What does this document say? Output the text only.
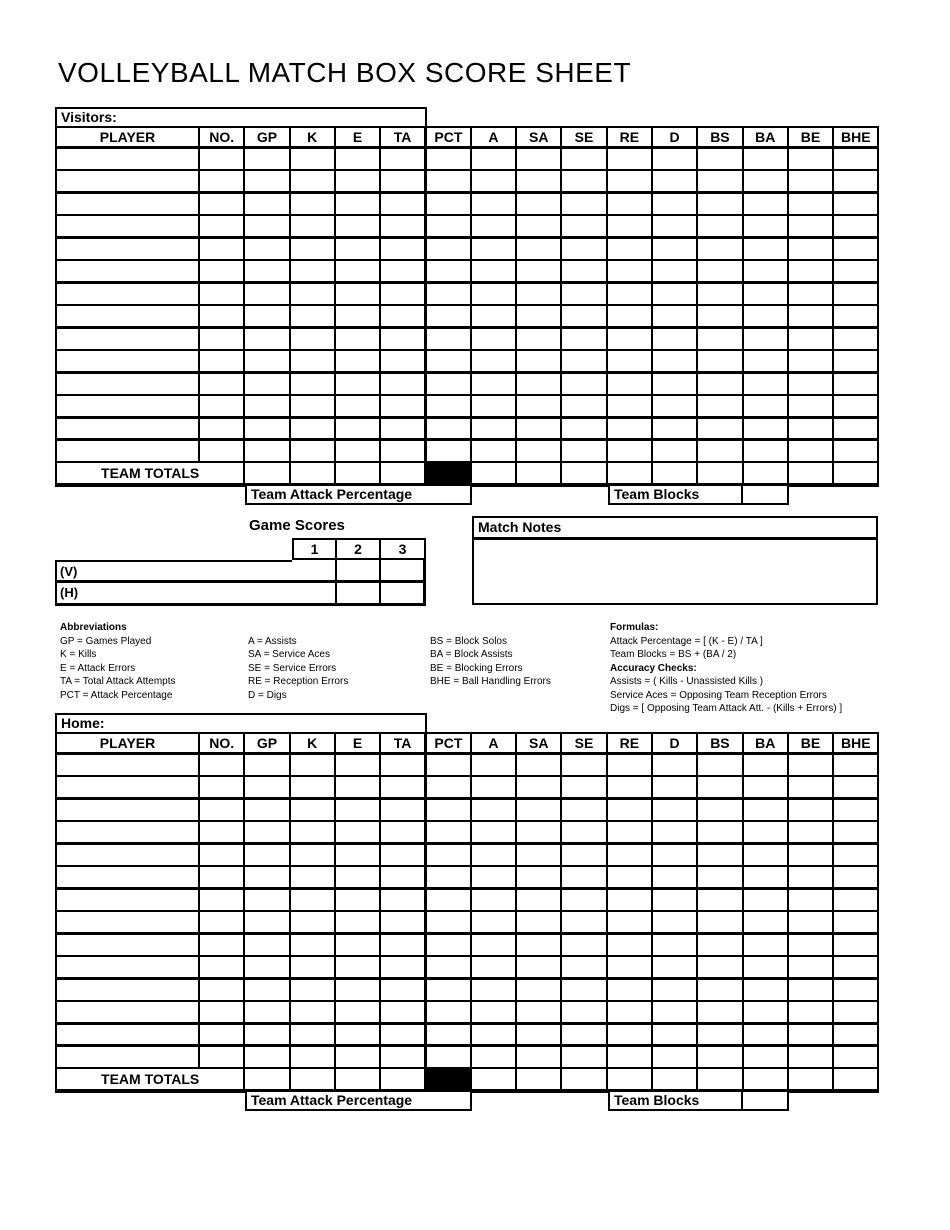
VOLLEYBALL MATCH BOX SCORE SHEET
Visitors:
PLAYER	NO.	GP	K	E	TA	PCT	A	SA	SE	RE	D	BS	BA	BE	BHE

TEAM TOTALS															
Team Attack Percentage	Team Blocks
Game Scores
1	2	3
(V)
(H)
Match Notes
Abbreviations
GP = Games Played
K = Kills
E = Attack Errors
TA = Total Attack Attempts
PCT = Attack Percentage
A = Assists
SA = Service Aces
SE = Service Errors
RE = Reception Errors
D = Digs
BS = Block Solos
BA = Block Assists
BE = Blocking Errors
BHE = Ball Handling Errors
Formulas:
Attack Percentage = [ (K - E) / TA ]
Team Blocks = BS + (BA / 2)
Accuracy Checks:
Assists = ( Kills - Unassisted Kills )
Service Aces = Opposing Team Reception Errors
Digs = [ Opposing Team Attack Att. - (Kills + Errors) ]
Home:
PLAYER	NO.	GP	K	E	TA	PCT	A	SA	SE	RE	D	BS	BA	BE	BHE

TEAM TOTALS															
Team Attack Percentage	Team Blocks
